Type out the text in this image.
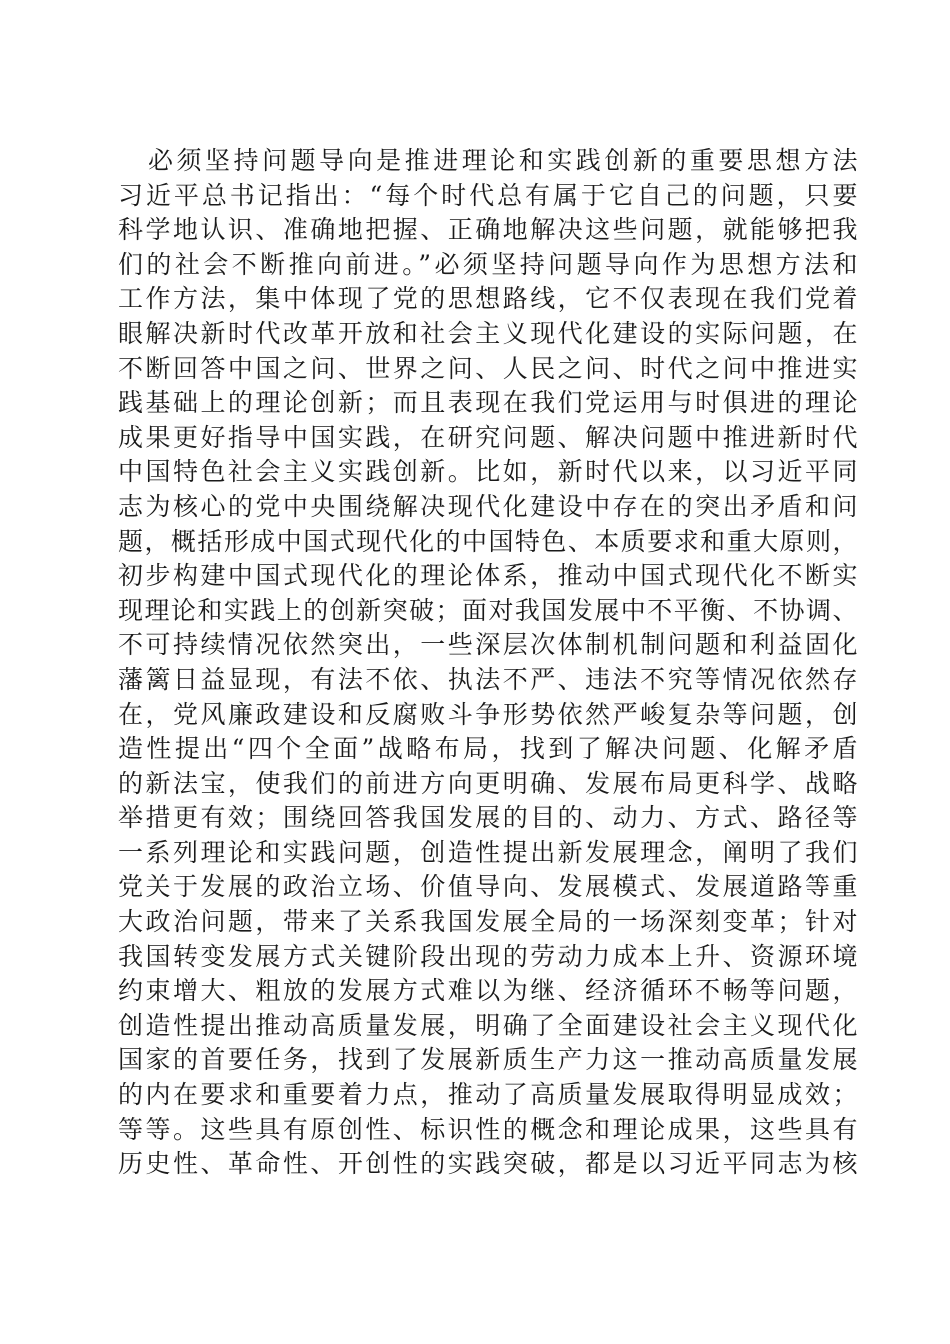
必须坚持问题导向是推进理论和实践创新的重要思想方法
习近平总书记指出：“每个时代总有属于它自己的问题，只要
科学地认识、准确地把握、正确地解决这些问题，就能够把我
们的社会不断推向前进。”必须坚持问题导向作为思想方法和
工作方法，集中体现了党的思想路线，它不仅表现在我们党着
眼解决新时代改革开放和社会主义现代化建设的实际问题，在
不断回答中国之问、世界之问、人民之问、时代之问中推进实
践基础上的理论创新；而且表现在我们党运用与时俱进的理论
成果更好指导中国实践，在研究问题、解决问题中推进新时代
中国特色社会主义实践创新。比如，新时代以来，以习近平同
志为核心的党中央围绕解决现代化建设中存在的突出矛盾和问
题，概括形成中国式现代化的中国特色、本质要求和重大原则，
初步构建中国式现代化的理论体系，推动中国式现代化不断实
现理论和实践上的创新突破；面对我国发展中不平衡、不协调、
不可持续情况依然突出，一些深层次体制机制问题和利益固化
藩篱日益显现，有法不依、执法不严、违法不究等情况依然存
在，党风廉政建设和反腐败斗争形势依然严峻复杂等问题，创
造性提出“四个全面”战略布局，找到了解决问题、化解矛盾
的新法宝，使我们的前进方向更明确、发展布局更科学、战略
举措更有效；围绕回答我国发展的目的、动力、方式、路径等
一系列理论和实践问题，创造性提出新发展理念，阐明了我们
党关于发展的政治立场、价值导向、发展模式、发展道路等重
大政治问题，带来了关系我国发展全局的一场深刻变革；针对
我国转变发展方式关键阶段出现的劳动力成本上升、资源环境
约束增大、粗放的发展方式难以为继、经济循环不畅等问题，
创造性提出推动高质量发展，明确了全面建设社会主义现代化
国家的首要任务，找到了发展新质生产力这一推动高质量发展
的内在要求和重要着力点，推动了高质量发展取得明显成效；
等等。这些具有原创性、标识性的概念和理论成果，这些具有
历史性、革命性、开创性的实践突破，都是以习近平同志为核
